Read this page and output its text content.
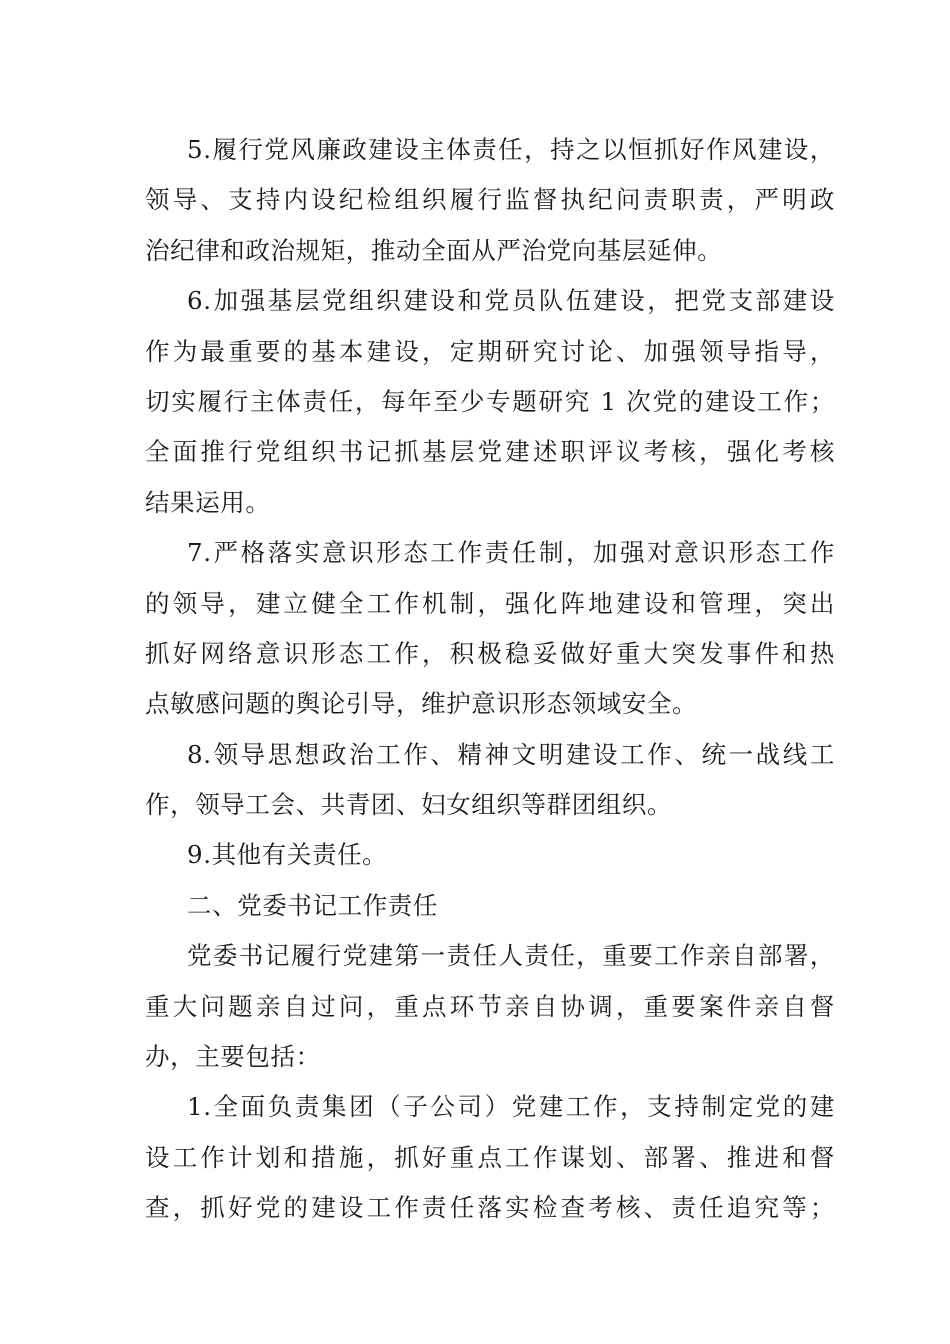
5.履行党风廉政建设主体责任，持之以恒抓好作风建设，
领导、支持内设纪检组织履行监督执纪问责职责，严明政
治纪律和政治规矩，推动全面从严治党向基层延伸。
6.加强基层党组织建设和党员队伍建设，把党支部建设
作为最重要的基本建设，定期研究讨论、加强领导指导，
切实履行主体责任，每年至少专题研究 1 次党的建设工作；
全面推行党组织书记抓基层党建述职评议考核，强化考核
结果运用。
7.严格落实意识形态工作责任制，加强对意识形态工作
的领导，建立健全工作机制，强化阵地建设和管理，突出
抓好网络意识形态工作，积极稳妥做好重大突发事件和热
点敏感问题的舆论引导，维护意识形态领域安全。
8.领导思想政治工作、精神文明建设工作、统一战线工
作，领导工会、共青团、妇女组织等群团组织。
9.其他有关责任。
二、党委书记工作责任
党委书记履行党建第一责任人责任，重要工作亲自部署，
重大问题亲自过问，重点环节亲自协调，重要案件亲自督
办，主要包括：
1.全面负责集团（子公司）党建工作，支持制定党的建
设工作计划和措施，抓好重点工作谋划、部署、推进和督
查，抓好党的建设工作责任落实检查考核、责任追究等；
